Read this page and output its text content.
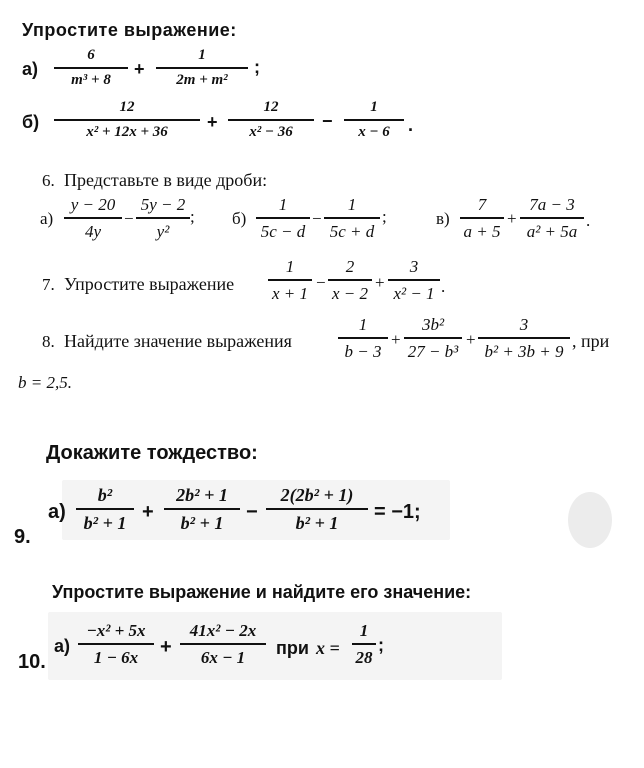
Упростите выражение:
а)
6
m³ + 8
+
1
2m + m²
;
б)
12
x² + 12x + 36 +
12
x² − 36
−
1
x − 6 .
6. Представьте в виде дроби:
а)
y − 20
4y
−
5y − 2
y²
; б)
1
5c − d
−
1
5c + d
;	в)
7
a + 5
+
7a − 3
a² + 5a
.
7. Упростите выражение
1
x + 1
−
2
x − 2
+
3
x² − 1 .
8. Найдите значение выражения
1
b − 3
+
3b²
27 − b³
+
3
b² + 3b + 9
, при
b = 2,5.
Докажите тождество:
9.
а)
b²
b² + 1 +
2b² + 1
b² + 1 −
2(2b² + 1)
b² + 1 = −1;
Упростите выражение и найдите его значение:
10.
а)
−x² + 5x
1 − 6x +
41x² − 2x
6x − 1 при x =
1
28
;
